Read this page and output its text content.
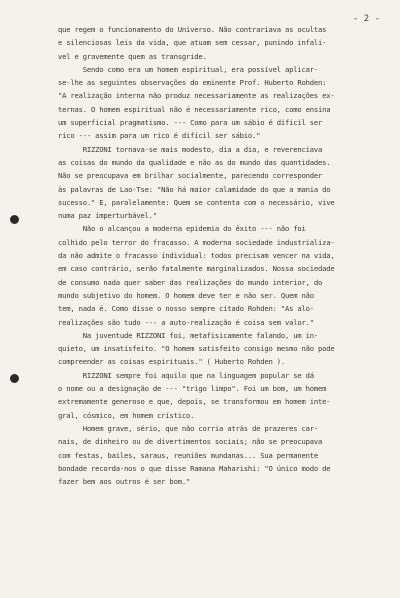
- 2 -
que regem o funcionamento do Universo. Não contrariava as ocultas
e silenciosas leis da vida, que atuam sem cessar, punindo infali-
vel e gravemente quem as transgride.
Sendo como era um homem espiritual, era possível aplicar-
se-lhe as seguintes observações do eminente Prof. Huberto Rohden:
"A realização interna não produz necessariamente as realizações ex-
ternas. O homem espiritual não é necessariamente rico, como ensina
um superficial pragmatismo. --- Como para um sábio é difícil ser
rico --- assim para um rico é difícil ser sábio."
RIZZONI tornava-se mais modesto, dia a dia, e reverenciava
as coisas do mundo da qualidade e não as do mundo das quantidades.
Não se preocupava em brilhar socialmente, parecendo corresponder
às palavras de Lao-Tse: "Não há maior calamidade do que a mania do
sucesso." E, paralelamente: Quem se contenta com o necessário, vive
numa paz imperturbável."
Não o alcançou a moderna epidemia do êxito --- não foi
colhido pelo terror do fracasso. A moderna sociedade industrializa-
da não admite o fracasso individual: todos precisam vencer na vida,
em caso contrário, serão fatalmente marginalizados. Nossa sociedade
de consumo nada quer saber das realizações do mundo interior, do
mundo subjetivo do homem. O homem deve ter e não ser. Quem não
tem, nada é. Como disse o nosso sempre citado Rohden: "As alo-
realizações são tudo --- a auto-realização é coisa sem valor."
Na juventude RIZZONI foi, metafisicamente falando, um in-
quieto, um insatisfeito. "O homem satisfeito consigo mesmo não pode
compreender as coisas espirituais." ( Huberto Rohden ).
RIZZONI sempre foi aquilo que na linguagem popular se dá
o nome ou a designação de --- "trigo limpo". Foi um bom, um homem
extremamente generoso e que, depois, se transformou em homem inte-
gral, cósmico, em homem crístico.
Homem grave, sério, que não corria atrás de prazeres car-
nais, de dinheiro ou de divertimentos sociais; não se preocupava
com festas, bailes, saraus, reuniões mundanas... Sua permanente
bondade recorda-nos o que disse Ramana Maharishi: "O único modo de
fazer bem aos outros é ser bom."
